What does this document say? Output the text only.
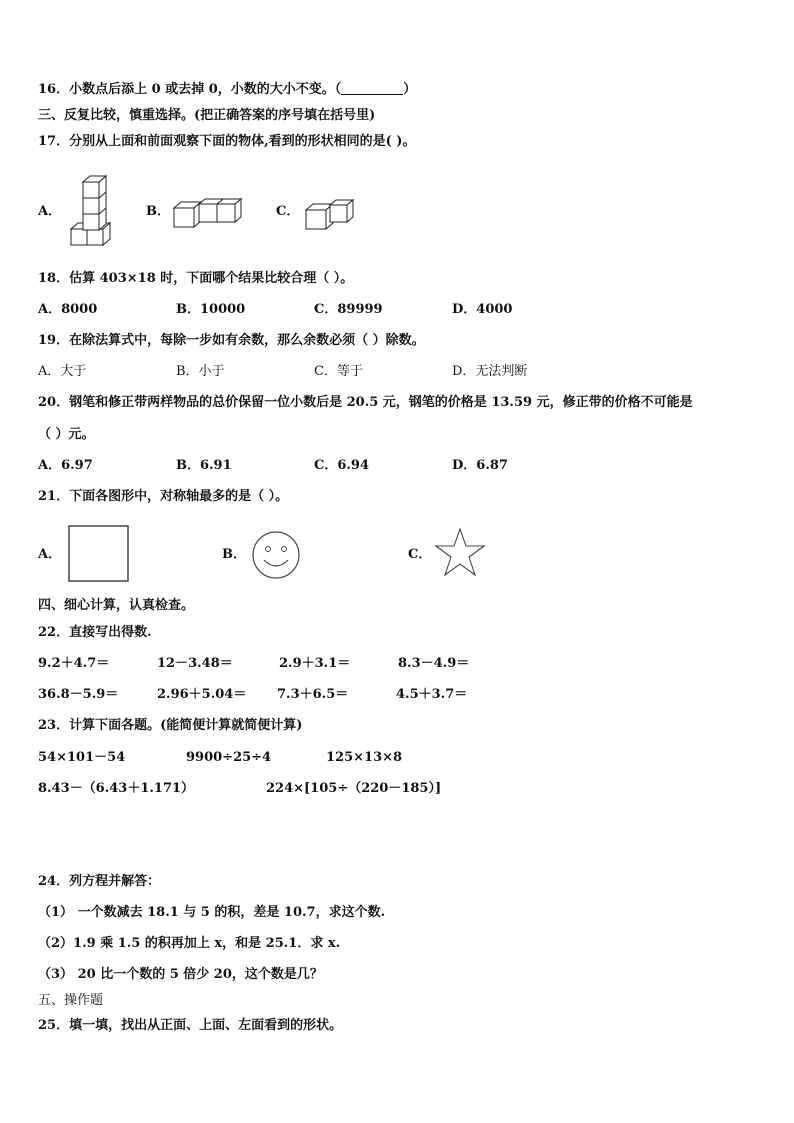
16．小数点后添上 0 或去掉 0，小数的大小不变。（	）
三、反复比较，慎重选择。(把正确答案的序号填在括号里)
17．分别从上面和前面观察下面的物体,看到的形状相同的是( )。
A．	B．	C．
18．估算 403×18 时，下面哪个结果比较合理（ ）。
A．8000	B．10000	C．89999	D．4000
19．在除法算式中，每除一步如有余数，那么余数必须（ ）除数。
A．大于	B．小于	C．等于	D．无法判断
20．钢笔和修正带两样物品的总价保留一位小数后是 20.5 元，钢笔的价格是 13.59 元，修正带的价格不可能是
（ ）元。
A．6.97	B．6.91	C．6.94	D．6.87
21．下面各图形中，对称轴最多的是（ ）。
A．	B．	C．
四、细心计算，认真检查。
22．直接写出得数.
9.2＋4.7＝	12－3.48＝	2.9＋3.1＝	8.3－4.9＝
36.8－5.9＝	2.96＋5.04＝ 7.3＋6.5＝	4.5＋3.7＝
23．计算下面各题。(能简便计算就简便计算)
54×101－54	9900÷25÷4	125×13×8
8.43－（6.43＋1.171）	224×[105÷（220－185）]
24．列方程并解答：
（1） 一个数减去 18.1 与 5 的积，差是 10.7，求这个数.
（2）1.9 乘 1.5 的积再加上 x，和是 25.1．求 x.
（3） 20 比一个数的 5 倍少 20，这个数是几？
五、操作题
25．填一填，找出从正面、上面、左面看到的形状。
